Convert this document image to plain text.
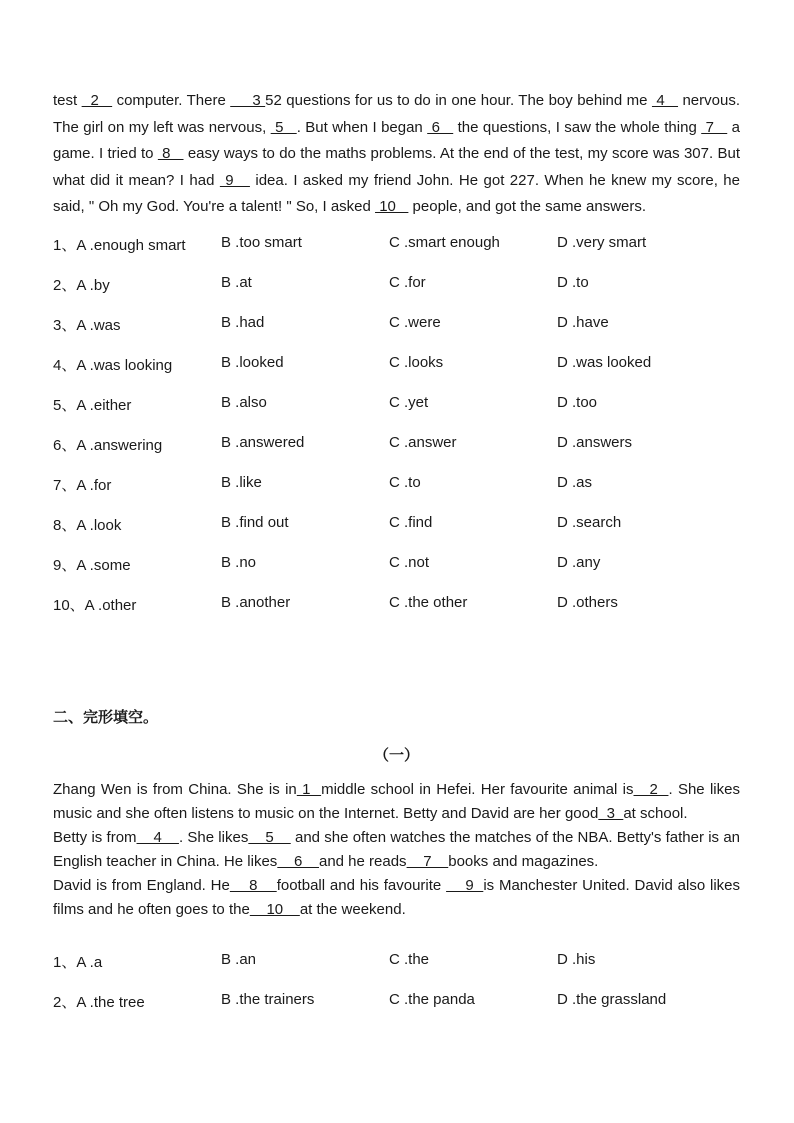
test   2    computer. There      3 52 questions for us to do in one hour. The boy behind me  4    nervous. The girl on my left was nervous,  5   . But when I began  6    the questions, I saw the whole thing  7    a game. I tried to  8    easy ways to do the maths problems. At the end of the test, my score was 307. But what did it mean? I had  9    idea. I asked my friend John. He got 227. When he knew my score, he said, " Oh my God. You're a talent! " So, I asked  10    people, and got the same answers.

1、A .enough smart B .too smart	C .smart enough	D .very smart
2、A .by	B .at	C .for	D .to
3、A .was	B .had	C .were	D .have
4、A .was looking	B .looked	C .looks	D .was looked
5、A .either	B .also	C .yet	D .too
6、A .answering	B .answered	C .answer	D .answers
7、A .for	B .like	C .to	D .as
8、A .look	B .find out	C .find	D .search
9、A .some	B .no	C .not	D .any
10、A .other	B .another	C .the other	D .others
二、完形填空。
（一）

Zhang Wen is from China. She is in 1  middle school in Hefei. Her favourite animal is   2  . She likes music and she often listens to music on the Internet. Betty and David are her good  3  at school.

Betty is from    4    . She likes    5     and she often watches the matches of the NBA. Betty's father is an English teacher in China. He likes    6    and he reads    7    books and magazines.

David is from England. He    8    football and his favourite     9  is Manchester United. David also likes films and he often goes to the    10    at the weekend.

1、A .a	B .an	C .the	D .his
2、A .the tree	B .the trainers	C .the panda	D .the grassland
